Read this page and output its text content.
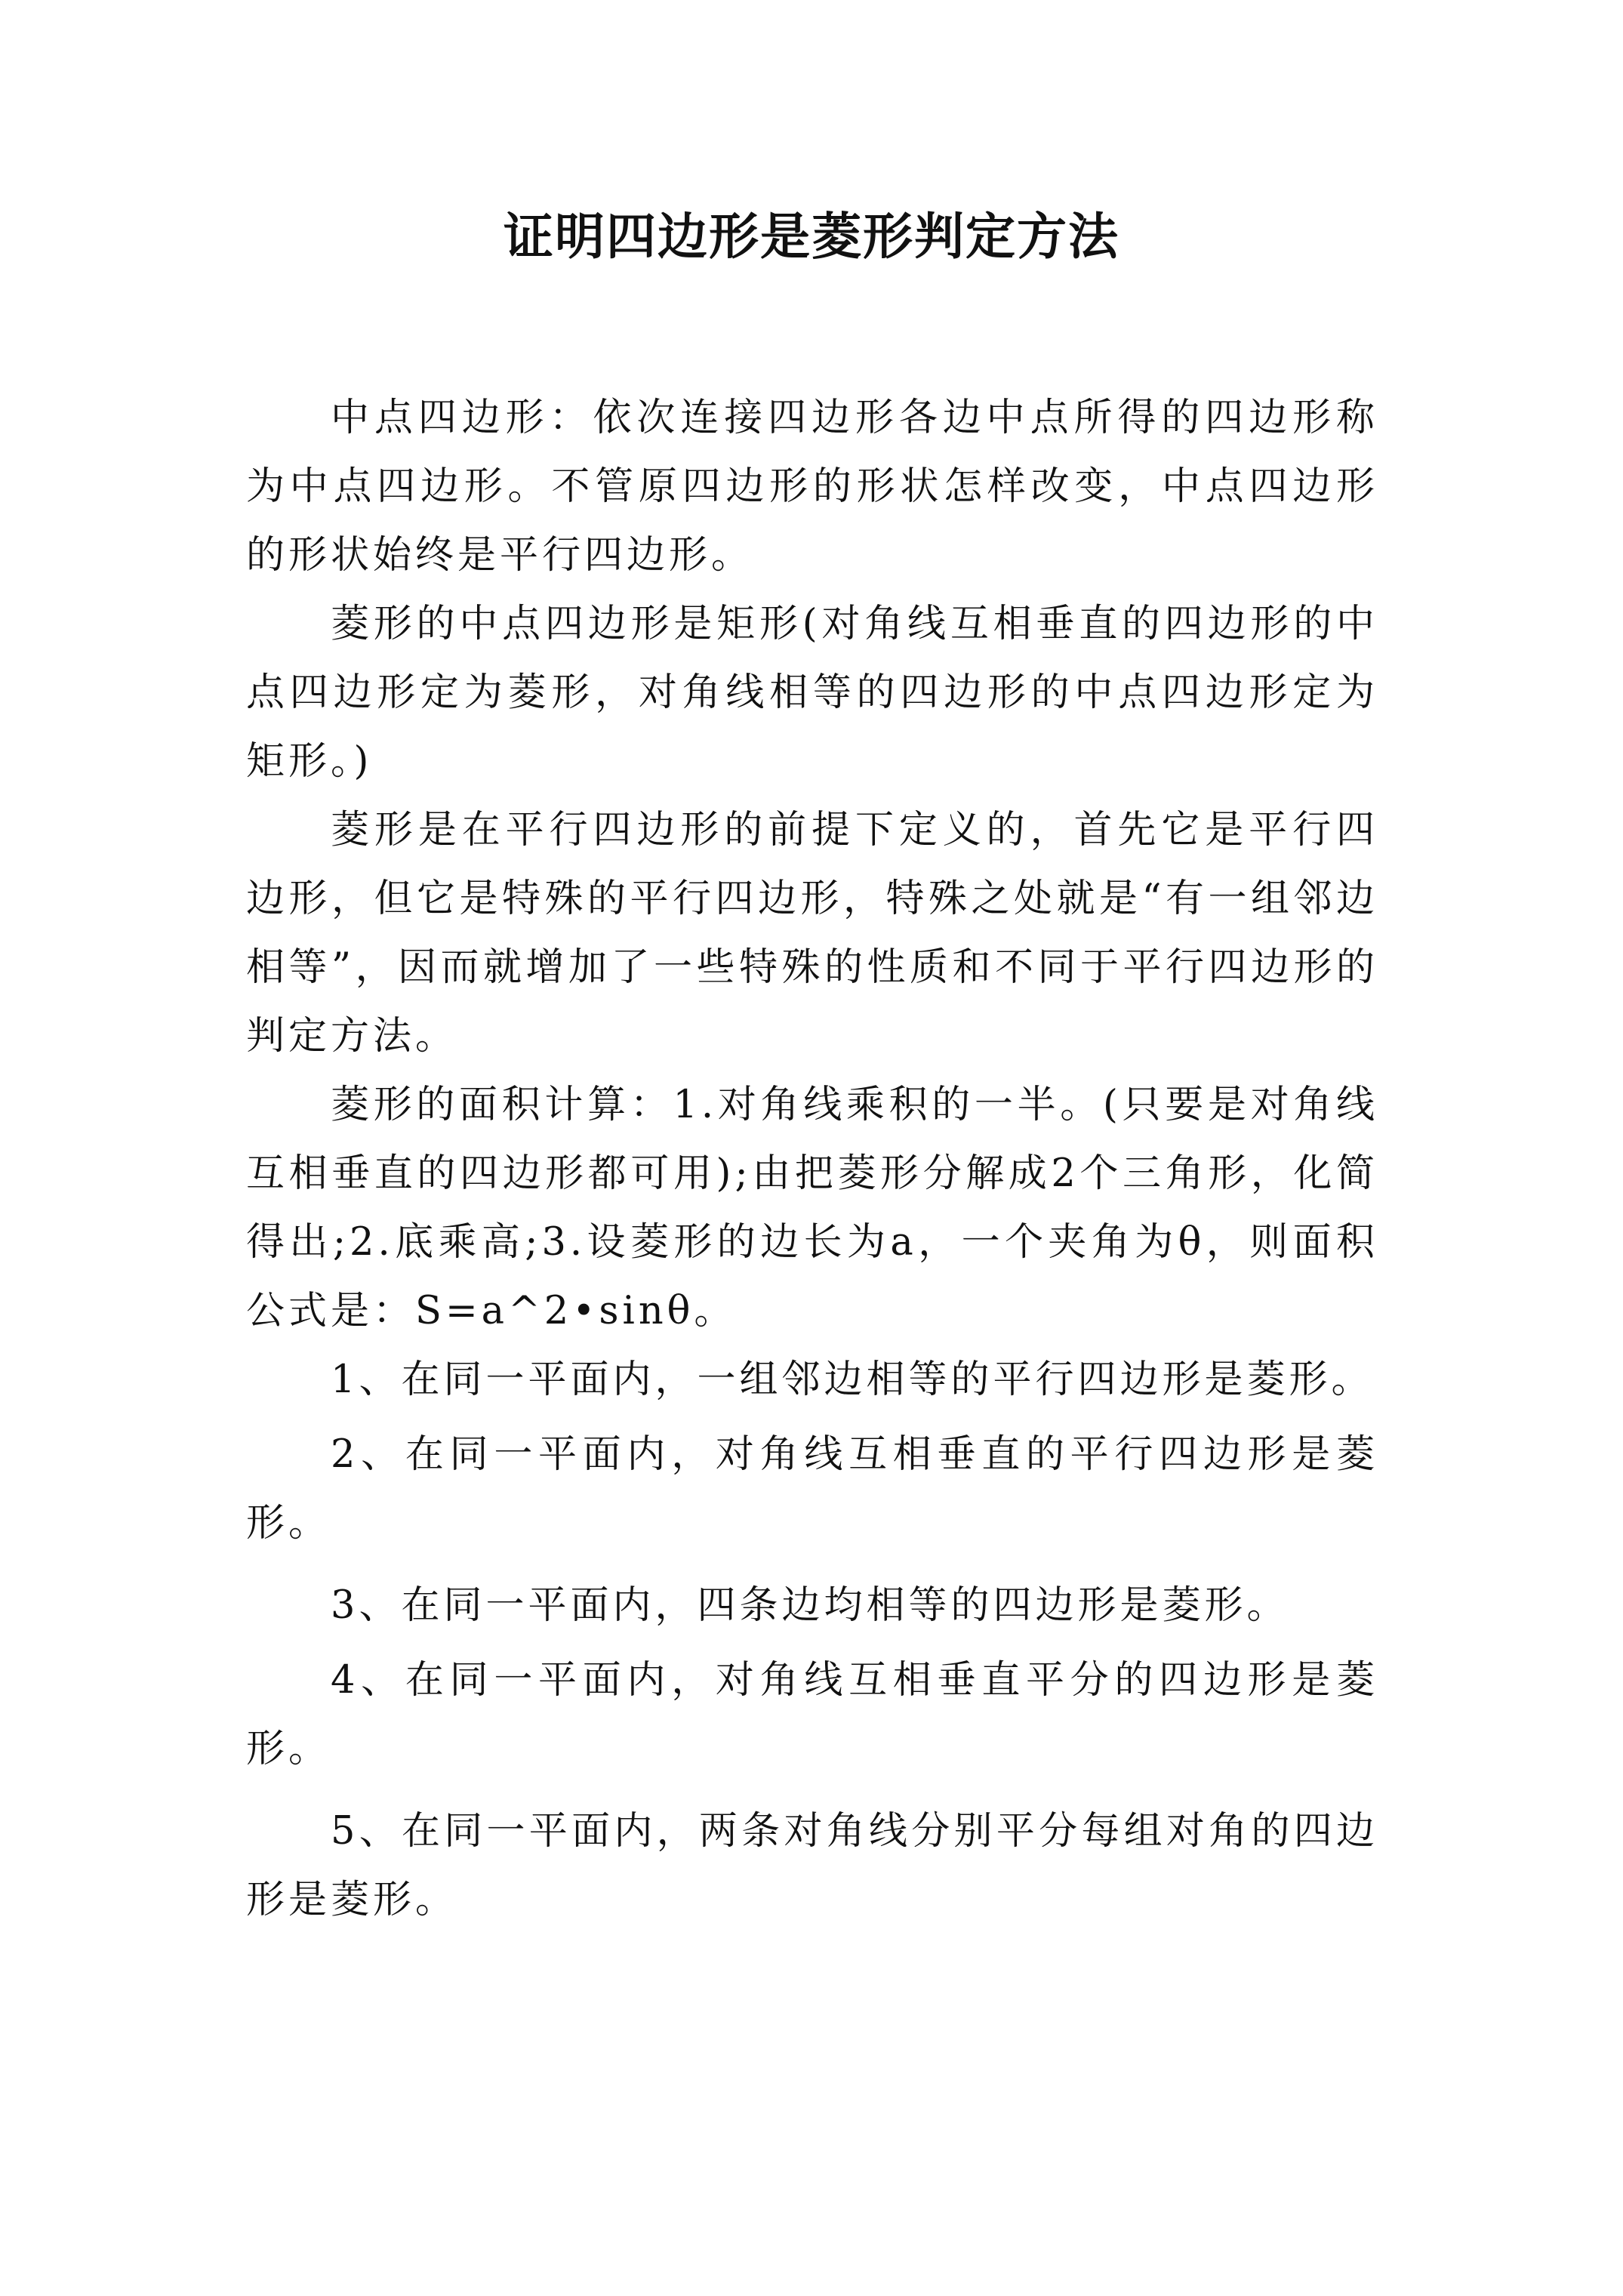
证明四边形是菱形判定方法

中点四边形：依次连接四边形各边中点所得的四边形称为中点四边形。不管原四边形的形状怎样改变，中点四边形的形状始终是平行四边形。

菱形的中点四边形是矩形(对角线互相垂直的四边形的中点四边形定为菱形，对角线相等的四边形的中点四边形定为矩形。)

菱形是在平行四边形的前提下定义的，首先它是平行四边形，但它是特殊的平行四边形，特殊之处就是“有一组邻边相等”，因而就增加了一些特殊的性质和不同于平行四边形的判定方法。

菱形的面积计算：1.对角线乘积的一半。(只要是对角线互相垂直的四边形都可用);由把菱形分解成2个三角形，化简得出;2.底乘高;3.设菱形的边长为a，一个夹角为θ，则面积公式是：S=a^2•sinθ。

1、在同一平面内，一组邻边相等的平行四边形是菱形。

2、在同一平面内，对角线互相垂直的平行四边形是菱形。

3、在同一平面内，四条边均相等的四边形是菱形。

4、在同一平面内，对角线互相垂直平分的四边形是菱形。

5、在同一平面内，两条对角线分别平分每组对角的四边形是菱形。
